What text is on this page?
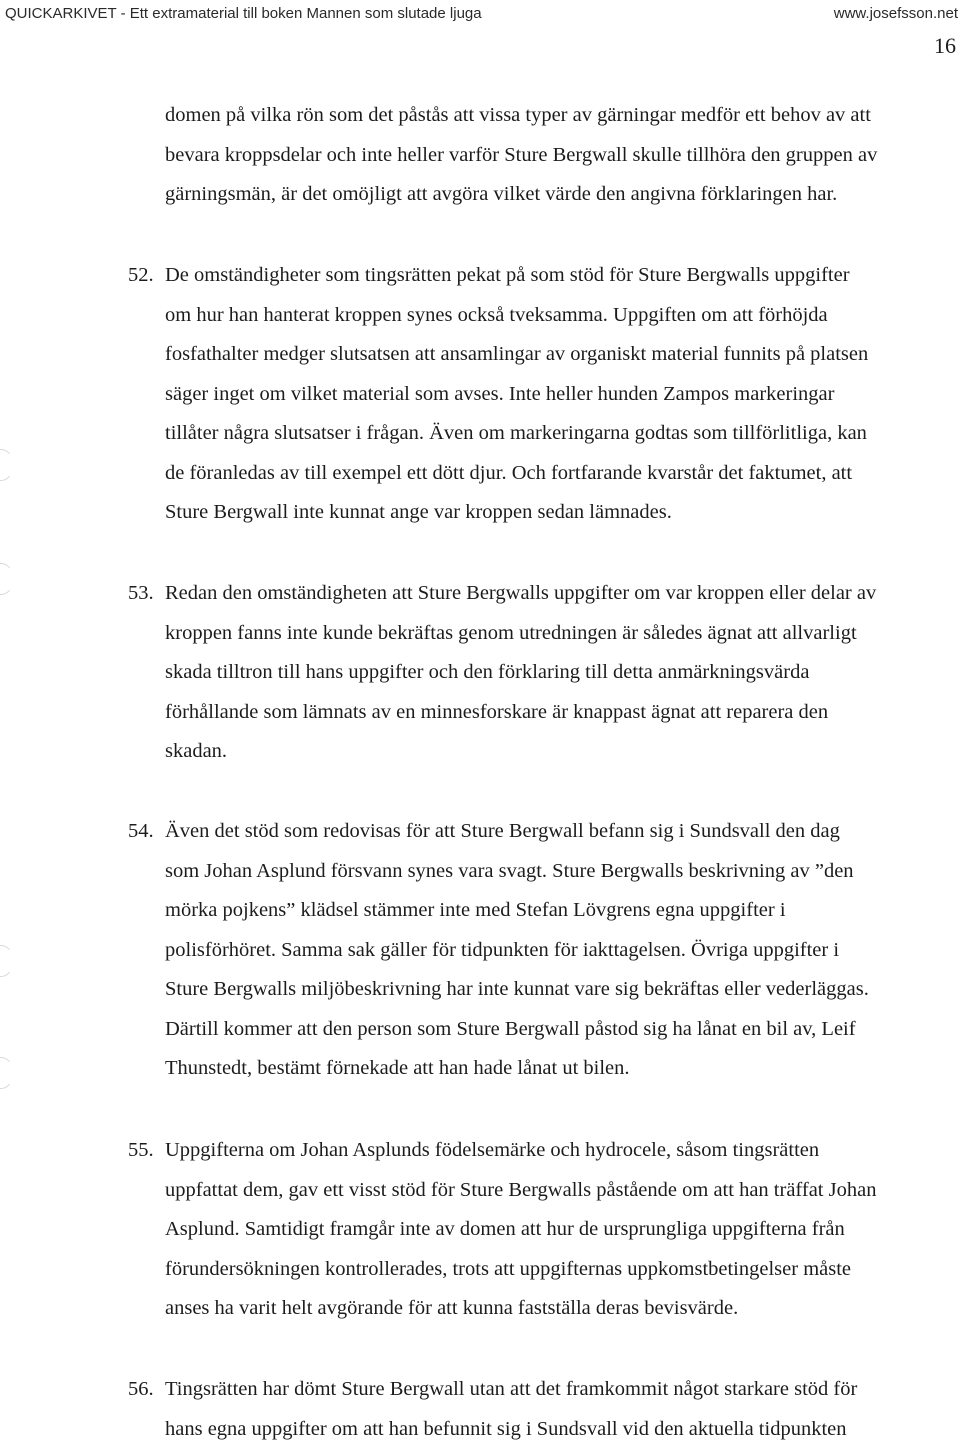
QUICKARKIVET - Ett extramaterial till boken Mannen som slutade ljuga	www.josefsson.net
16
domen på vilka rön som det påstås att vissa typer av gärningar medför ett behov av att
bevara kroppsdelar och inte heller varför Sture Bergwall skulle tillhöra den gruppen av
gärningsmän, är det omöjligt att avgöra vilket värde den angivna förklaringen har.
52. De omständigheter som tingsrätten pekat på som stöd för Sture Bergwalls uppgifter
om hur han hanterat kroppen synes också tveksamma. Uppgiften om att förhöjda
fosfathalter medger slutsatsen att ansamlingar av organiskt material funnits på platsen
säger inget om vilket material som avses. Inte heller hunden Zampos markeringar
tillåter några slutsatser i frågan. Även om markeringarna godtas som tillförlitliga, kan
de föranledas av till exempel ett dött djur. Och fortfarande kvarstår det faktumet, att
Sture Bergwall inte kunnat ange var kroppen sedan lämnades.
53. Redan den omständigheten att Sture Bergwalls uppgifter om var kroppen eller delar av
kroppen fanns inte kunde bekräftas genom utredningen är således ägnat att allvarligt
skada tilltron till hans uppgifter och den förklaring till detta anmärkningsvärda
förhållande som lämnats av en minnesforskare är knappast ägnat att reparera den
skadan.
54. Även det stöd som redovisas för att Sture Bergwall befann sig i Sundsvall den dag
som Johan Asplund försvann synes vara svagt. Sture Bergwalls beskrivning av ”den
mörka pojkens” klädsel stämmer inte med Stefan Lövgrens egna uppgifter i
polisförhöret. Samma sak gäller för tidpunkten för iakttagelsen. Övriga uppgifter i
Sture Bergwalls miljöbeskrivning har inte kunnat vare sig bekräftas eller vederläggas.
Därtill kommer att den person som Sture Bergwall påstod sig ha lånat en bil av, Leif
Thunstedt, bestämt förnekade att han hade lånat ut bilen.
55. Uppgifterna om Johan Asplunds födelsemärke och hydrocele, såsom tingsrätten
uppfattat dem, gav ett visst stöd för Sture Bergwalls påstående om att han träffat Johan
Asplund. Samtidigt framgår inte av domen att hur de ursprungliga uppgifterna från
förundersökningen kontrollerades, trots att uppgifternas uppkomstbetingelser måste
anses ha varit helt avgörande för att kunna fastställa deras bevisvärde.
56. Tingsrätten har dömt Sture Bergwall utan att det framkommit något starkare stöd för
hans egna uppgifter om att han befunnit sig i Sundsvall vid den aktuella tidpunkten
